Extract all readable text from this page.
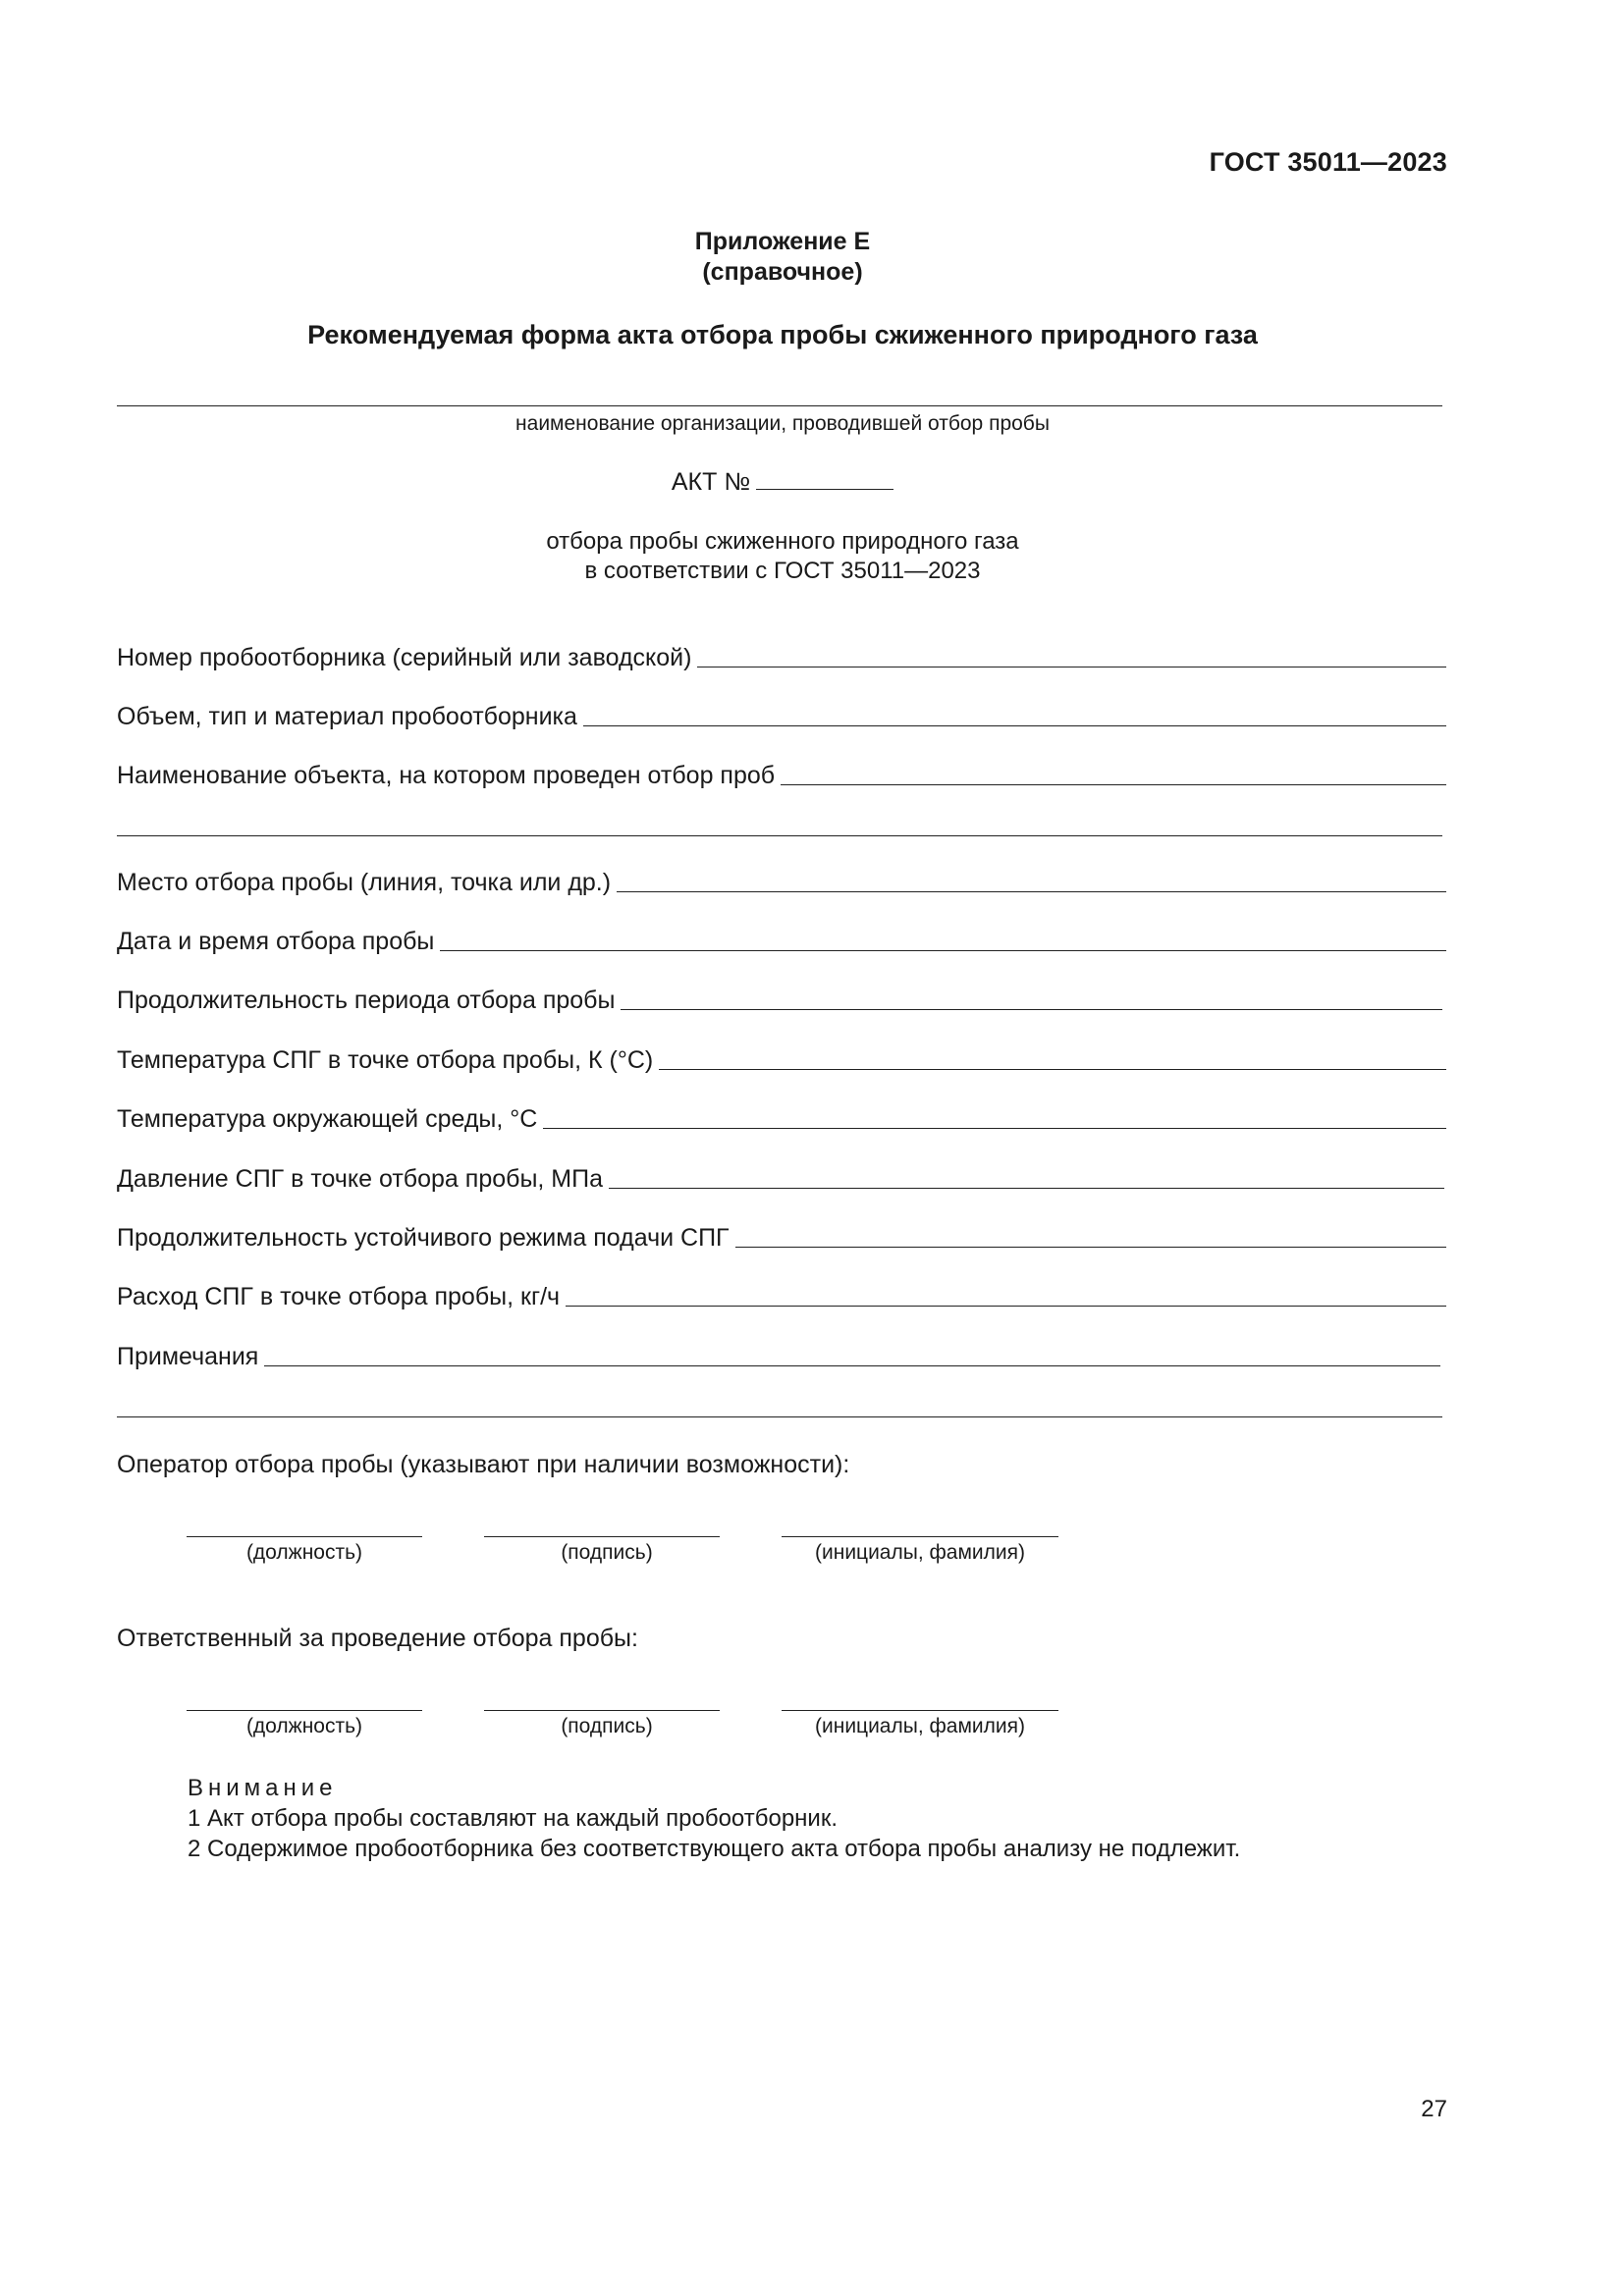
ГОСТ 35011—2023
Приложение Е
(справочное)
Рекомендуемая форма акта отбора пробы сжиженного природного газа
наименование организации, проводившей отбор пробы
АКТ №
отбора пробы сжиженного природного газа
в соответствии с ГОСТ 35011—2023
Номер пробоотборника (серийный или заводской)
Объем, тип и материал пробоотборника
Наименование объекта, на котором проведен отбор проб
Место отбора пробы (линия, точка или др.)
Дата и время отбора пробы
Продолжительность периода отбора пробы
Температура СПГ в точке отбора пробы, К (°С)
Температура окружающей среды, °С
Давление СПГ в точке отбора пробы, МПа
Продолжительность устойчивого режима подачи СПГ
Расход СПГ в точке отбора пробы, кг/ч
Примечания
Оператор отбора пробы (указывают при наличии возможности):
(должность)	(подпись)	(инициалы, фамилия)
Ответственный за проведение отбора пробы:
(должность)	(подпись)	(инициалы, фамилия)
Внимание
1 Акт отбора пробы составляют на каждый пробоотборник.
2 Содержимое пробоотборника без соответствующего акта отбора пробы анализу не подлежит.
27
